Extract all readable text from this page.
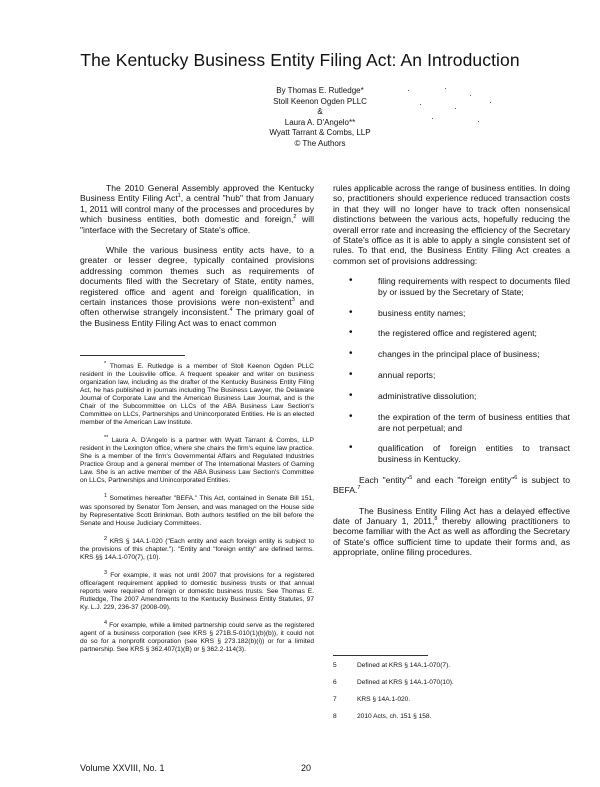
The Kentucky Business Entity Filing Act: An Introduction
By Thomas E. Rutledge*
Stoll Keenon Ogden PLLC
&
Laura A. D'Angelo**
Wyatt Tarrant & Combs, LLP
© The Authors

The 2010 General Assembly approved the Kentucky Business Entity Filing Act$^1$, a central "hub" that from January 1, 2011 will control many of the processes and procedures by which business entities, both domestic and foreign,$^2$ will "interface with the Secretary of State's office.

While the various business entity acts have, to a greater or lesser degree, typically contained provisions addressing common themes such as requirements of documents filed with the Secretary of State, entity names, registered office and agent and foreign qualification, in certain instances those provisions were non-existent$^3$ and often otherwise strangely inconsistent.$^4$ The primary goal of the Business Entity Filing Act was to enact common

* Thomas E. Rutledge is a member of Stoll Keenon Ogden PLLC resident in the Louisville office. A frequent speaker and writer on business organization law, including as the drafter of the Kentucky Business Entity Filing Act, he has published in journals including The Business Lawyer, the Delaware Journal of Corporate Law and the American Business Law Journal, and is the Chair of the Subcommittee on LLCs of the ABA Business Law Section's Committee on LLCs, Partnerships and Unincorporated Entities. He is an elected member of the American Law Institute.

** Laura A. D'Angelo is a partner with Wyatt Tarrant & Combs, LLP resident in the Lexington office, where she chairs the firm's equine law practice. She is a member of the firm's Governmental Affairs and Regulated Industries Practice Group and a general member of The International Masters of Gaming Law. She is an active member of the ABA Business Law Section's Committee on LLCs, Partnerships and Unincorporated Entities.

$^1$ Sometimes hereafter "BEFA." This Act, contained in Senate Bill 151, was sponsored by Senator Tom Jensen, and was managed on the House side by Representative Scott Brinkman. Both authors testified on the bill before the Senate and House Judiciary Committees.

$^2$ KRS § 14A.1-020 ("Each entity and each foreign entity is subject to the provisions of this chapter."). "Entity and "foreign entity" are defined terms. KRS §§ 14A.1-070(7), (10).

$^3$ For example, it was not until 2007 that provisions for a registered office/agent requirement applied to domestic business trusts or that annual reports were required of foreign or domestic business trusts. See Thomas E. Rutledge, The 2007 Amendments to the Kentucky Business Entity Statutes, 97 Ky. L.J. 229, 236-37 (2008-09).

$^4$ For example, while a limited partnership could serve as the registered agent of a business corporation (see KRS § 271B.5-010(1)(b)(b)), it could not do so for a nonprofit corporation (see KRS § 273.182(b)(i)) or for a limited partnership. See KRS § 362.407(1)(B) or § 362.2-114(3).

rules applicable across the range of business entities. In doing so, practitioners should experience reduced transaction costs in that they will no longer have to track often nonsensical distinctions between the various acts, hopefully reducing the overall error rate and increasing the efficiency of the Secretary of State's office as it is able to apply a single consistent set of rules. To that end, the Business Entity Filing Act creates a common set of provisions addressing:

•	filing requirements with respect to documents filed by or issued by the Secretary of State;
•	business entity names;
•	the registered office and registered agent;
•	changes in the principal place of business;
•	annual reports;
•	administrative dissolution;
•	the expiration of the term of business entities that are not perpetual; and
•	qualification of foreign entities to transact business in Kentucky.

Each "entity"$^5$ and each "foreign entity"$^6$ is subject to BEFA.$^7$

The Business Entity Filing Act has a delayed effective date of January 1, 2011,$^8$ thereby allowing practitioners to become familiar with the Act as well as affording the Secretary of State's office sufficient time to update their forms and, as appropriate, online filing procedures.

5	Defined at KRS § 14A.1-070(7).

6	Defined at KRS § 14A.1-070(10).

7	KRS § 14A.1-020.

8	2010 Acts, ch. 151 § 158.

Volume XXVIII, No. 1	20
